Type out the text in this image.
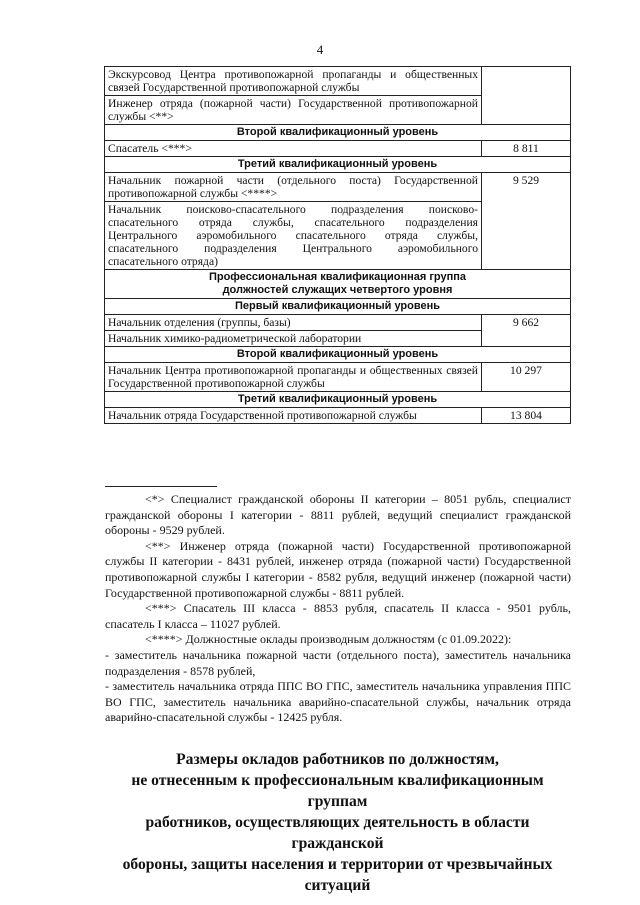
4
Экскурсовод Центра противопожарной пропаганды и общественных связей Государственной противопожарной службы	
Инженер отряда (пожарной части) Государственной противопожарной службы <**>	
Второй квалификационный уровень	
Спасатель <***>	8 811
Третий квалификационный уровень	
Начальник пожарной части (отдельного поста) Государственной противопожарной службы <****>	9 529
Начальник поисково-спасательного подразделения поисково-спасательного отряда службы, спасательного подразделения Центрального аэромобильного спасательного отряда службы, спасательного подразделения Центрального аэромобильного спасательного отряда)	

Профессиональная квалификационная группа
должностей служащих четвертого уровня	

Первый квалификационный уровень	
Начальник отделения (группы, базы)	9 662
Начальник химико-радиометрической лаборатории	
Второй квалификационный уровень	
Начальник Центра противопожарной пропаганды и общественных связей Государственной противопожарной службы	10 297
Третий квалификационный уровень	
Начальник отряда Государственной противопожарной службы	13 804

<*> Специалист гражданской обороны II категории – 8051 рубль, специалист гражданской обороны I категории - 8811 рублей, ведущий специалист гражданской обороны - 9529 рублей.

<**> Инженер отряда (пожарной части) Государственной противопожарной службы II категории - 8431 рублей, инженер отряда (пожарной части) Государственной противопожарной службы I категории - 8582 рубля, ведущий инженер (пожарной части) Государственной противопожарной службы - 8811 рублей.

<***> Спасатель III класса - 8853 рубля, спасатель II класса - 9501 рубль, спасатель I класса – 11027 рублей.

<****> Должностные оклады производным должностям (с 01.09.2022):

- заместитель начальника пожарной части (отдельного поста), заместитель начальника подразделения - 8578 рублей,

- заместитель начальника отряда ППС ВО ГПС, заместитель начальника управления ППС ВО ГПС, заместитель начальника аварийно-спасательной службы, начальник отряда аварийно-спасательной службы - 12425 рубля.

Размеры окладов работников по должностям,
не отнесенным к профессиональным квалификационным группам
работников, осуществляющих деятельность в области гражданской
обороны, защиты населения и территории от чрезвычайных ситуаций
